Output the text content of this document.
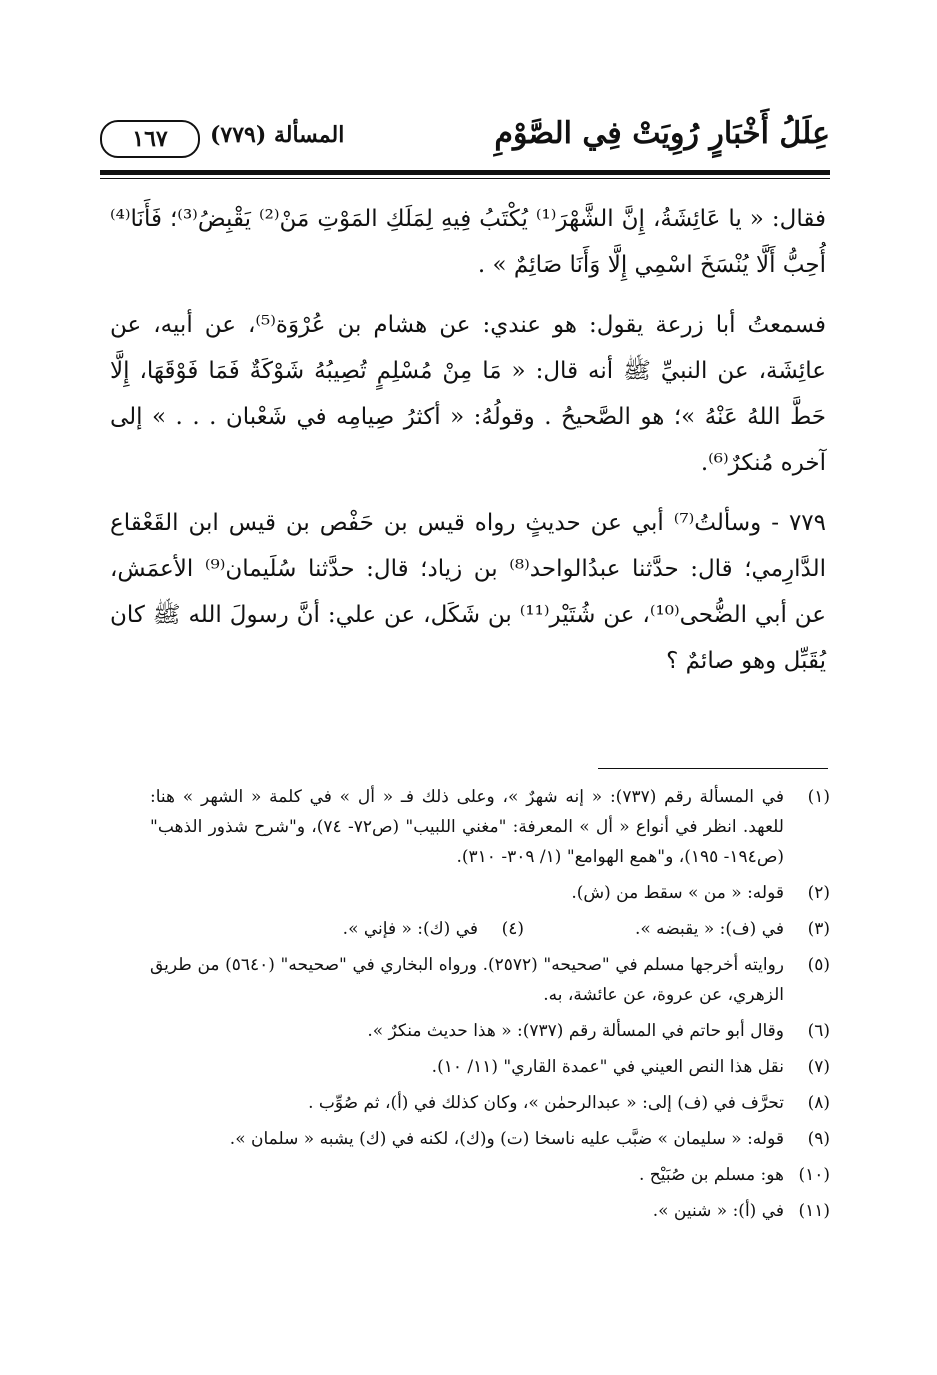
عِلَلُ أَخْبَارٍ رُوِيَتْ فِي الصَّوْمِ
المسألة (٧٧٩)
١٦٧

فقال: « يا عَائِشَةُ، إِنَّ الشَّهْرَ⁽¹⁾ يُكْتَبُ فِيهِ لِمَلَكِ المَوْتِ مَنْ⁽²⁾ يَقْبِضُ⁽³⁾؛ فَأَنَا⁽⁴⁾ أُحِبُّ أَلَّا يُنْسَخَ اسْمِي إِلَّا وَأَنَا صَائِمٌ » .

فسمعتُ أبا زرعة يقول: هو عندي: عن هشام بن عُرْوَة⁽⁵⁾، عن أبيه، عن عائِشَة، عن النبيِّ ﷺ أنه قال: « مَا مِنْ مُسْلِمٍ تُصِيبُهُ شَوْكَةٌ فَمَا فَوْقَهَا، إِلَّا حَطَّ اللهُ عَنْهُ »؛ هو الصَّحيحُ . وقولُهُ: « أكثرُ صِيامِه في شَعْبان . . . » إلى آخره مُنكرٌ⁽⁶⁾.

٧٧٩ - وسألتُ⁽⁷⁾ أبي عن حديثٍ رواه قيس بن حَفْص بن قيس ابن القَعْقاع الدَّارِمي؛ قال: حدَّثنا عبدُالواحد⁽⁸⁾ بن زياد؛ قال: حدَّثنا سُلَيمان⁽⁹⁾ الأعمَش، عن أبي الضُّحى⁽¹⁰⁾، عن شُتَيْر⁽¹¹⁾ بن شَكَل، عن علي: أنَّ رسولَ الله ﷺ كان يُقَبِّل وهو صائمٌ ؟

(١)
في المسألة رقم (٧٣٧): « إنه شهرٌ »، وعلى ذلك فـ « أل » في كلمة « الشهر » هنا: للعهد. انظر في أنواع « أل » المعرفة: "مغني اللبيب" (ص٧٢- ٧٤)، و"شرح شذور الذهب" (ص١٩٤- ١٩٥)، و"همع الهوامع" (١/ ٣٠٩- ٣١٠).
(٢)
قوله: « من » سقط من (ش).
(٣)
في (ف): « يقبضه ».
(٤)
في (ك): « فإني ».
(٥)
روايته أخرجها مسلم في "صحيحه" (٢٥٧٢). ورواه البخاري في "صحيحه" (٥٦٤٠) من طريق الزهري، عن عروة، عن عائشة، به.
(٦)
وقال أبو حاتم في المسألة رقم (٧٣٧): « هذا حديث منكرٌ ».
(٧)
نقل هذا النص العيني في "عمدة القاري" (١١/ ١٠).
(٨)
تحرَّف في (ف) إلى: « عبدالرحمٰن »، وكان كذلك في (أ)، ثم صُوِّب .
(٩)
قوله: « سليمان » ضبَّب عليه ناسخا (ت) و(ك)، لكنه في (ك) يشبه « سلمان ».
(١٠)
هو: مسلم بن صُبَيْح .
(١١)
في (أ): « شنين ».
